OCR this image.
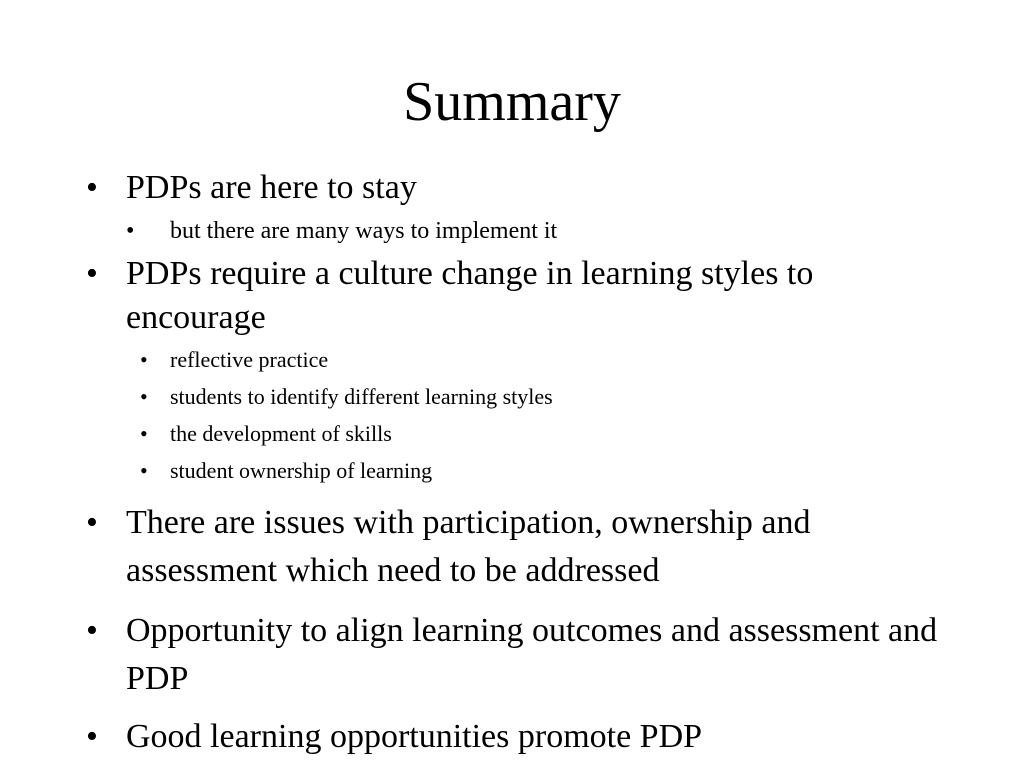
Summary
• PDPs are here to stay
• but there are many ways to implement it
• PDPs require a culture change in learning styles to encourage
• reflective practice
• students to identify different learning styles
• the development of skills
• student ownership of learning
• There are issues with participation, ownership and assessment which need to be addressed
• Opportunity to align learning outcomes and assessment and PDP
• Good learning opportunities promote PDP
